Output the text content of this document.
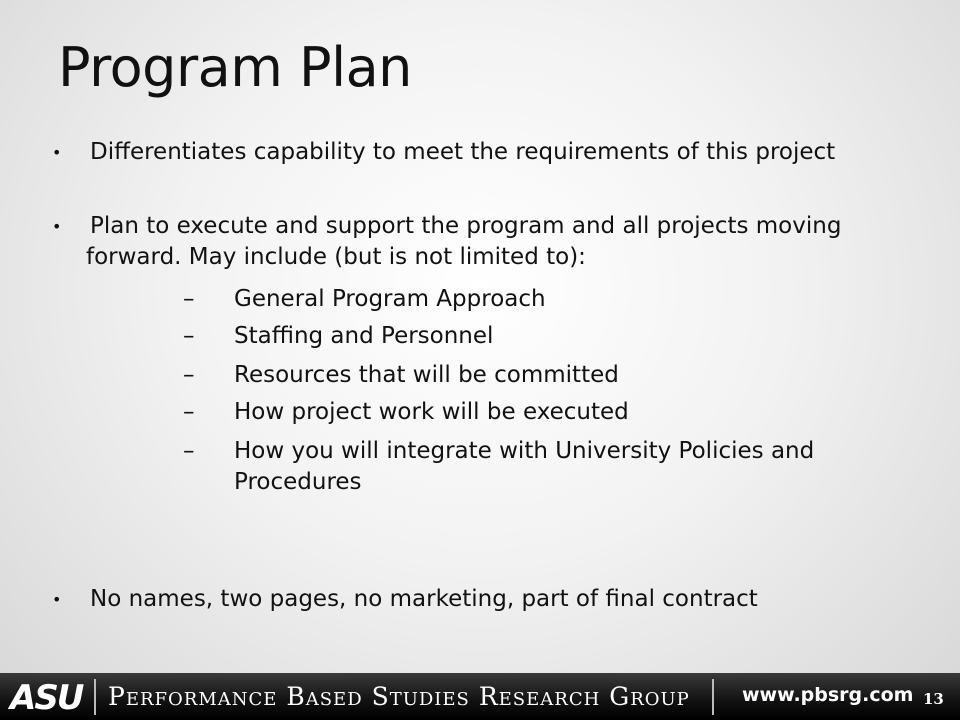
Program Plan
• Differentiates capability to meet the requirements of this project
• Plan to execute and support the program and all projects moving
forward. May include (but is not limited to):
– General Program Approach
– Staffing and Personnel
– Resources that will be committed
– How project work will be executed
– How you will integrate with University Policies and
Procedures
• No names, two pages, no marketing, part of final contract
ASU Performance Based Studies Research Group	www.pbsrg.com 13
